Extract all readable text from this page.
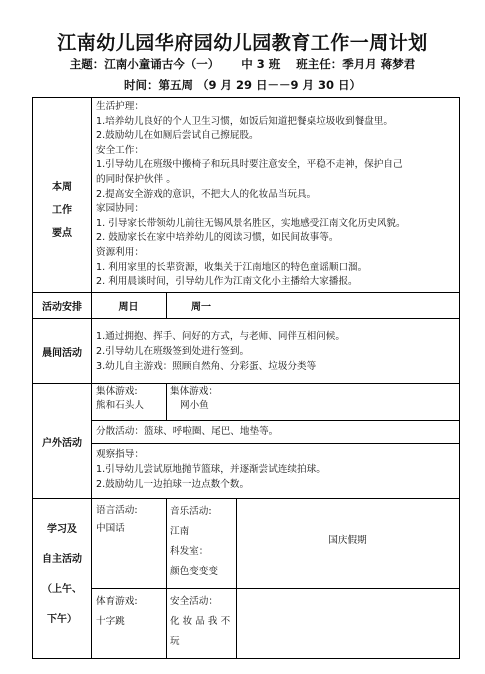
江南幼儿园华府园幼儿园教育工作一周计划
主题：江南小童诵古今（一） 中 3 班 班主任：季月月 蒋梦君
时间：第五周 （9 月 29 日－－9 月 30 日）
本周
工作
要点
生活护理：
1.培养幼儿良好的个人卫生习惯，如饭后知道把餐桌垃圾收到餐盘里。
2.鼓励幼儿在如厕后尝试自己擦屁股。
安全工作：
1.引导幼儿在班级中搬椅子和玩具时要注意安全，平稳不走神，保护自己
的同时保护伙伴 。
2.提高安全游戏的意识，不把大人的化妆品当玩具。
家园协同：
1. 引导家长带领幼儿前往无锡风景名胜区，实地感受江南文化历史风貌。
2. 鼓励家长在家中培养幼儿的阅读习惯，如民间故事等。
资源利用：
1. 利用家里的长辈资源，收集关于江南地区的特色童谣顺口溜。
2. 利用晨谈时间，引导幼儿作为江南文化小主播给大家播报。
活动安排	周日	周一
晨间活动
1.通过拥抱、挥手、问好的方式，与老师、同伴互相问候。
2.引导幼儿在班级签到处进行签到。
3.幼儿自主游戏：照顾自然角、分彩蛋、垃圾分类等
户外活动
集体游戏:
熊和石头人
集体游戏：
网小鱼
分散活动：篮球、呼啦圈、尾巴、地垫等。
观察指导：
1.引导幼儿尝试原地抛节篮球，并逐渐尝试连续拍球。
2.鼓励幼儿一边拍球一边点数个数。
学习及
自主活动
（上午、
下午）
语言活动:
中国话
音乐活动:
江南
科发室：
颜色变变变
国庆假期
体育游戏:
十字跳
安全活动：
化 妆 品 我 不
玩
